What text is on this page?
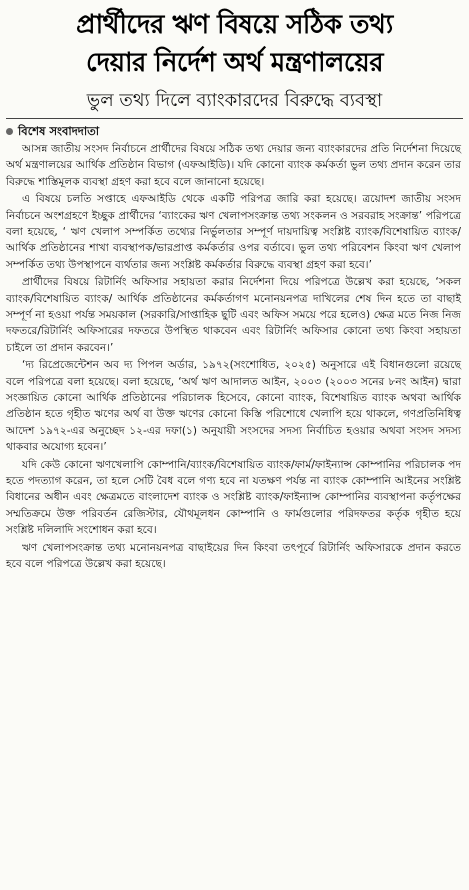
প্রার্থীদের ঋণ বিষয়ে সঠিক তথ্য
দেয়ার নির্দেশ অর্থ মন্ত্রণালয়ের
ভুল তথ্য দিলে ব্যাংকারদের বিরুদ্ধে ব্যবস্থা
বিশেষ সংবাদদাতা

আসন্ন জাতীয় সংসদ নির্বাচনে প্রার্থীদের বিষয়ে সঠিক তথ্য দেয়ার জন্য ব্যাংকারদের প্রতি নির্দেশনা দিয়েছে অর্থ মন্ত্রণালয়ের আর্থিক প্রতিষ্ঠান বিভাগ (এফআইডি)। যদি কোনো ব্যাংক কর্মকর্তা ভুল তথ্য প্রদান করেন তার বিরুদ্ধে শাস্তিমূলক ব্যবস্থা গ্রহণ করা হবে বলে জানানো হয়েছে।

এ বিষয়ে চলতি সপ্তাহে এফআইডি থেকে একটি পরিপত্র জারি করা হয়েছে। ত্রয়োদশ জাতীয় সংসদ নির্বাচনে অংশগ্রহণে ইচ্ছুক প্রার্থীদের ‘ব্যাংকের ঋণ খেলাপসংক্রান্ত তথ্য সংকলন ও সরবরাহ সংক্রান্ত’ পরিপত্রে বলা হয়েছে, ‘ ঋণ খেলাপ সম্পর্কিত তথ্যের নির্ভুলতার সম্পূর্ণ দায়দায়িত্ব সংশ্লিষ্ট ব্যাংক/বিশেষায়িত ব্যাংক/আর্থিক প্রতিষ্ঠানের শাখা ব্যবস্থাপক/ভারপ্রাপ্ত কর্মকর্তার ওপর বর্তাবে। ভুল তথ্য পরিবেশন কিংবা ঋণ খেলাপ সম্পর্কিত তথ্য উপস্থাপনে ব্যর্থতার জন্য সংশ্লিষ্ট কর্মকর্তার বিরুদ্ধে ব্যবস্থা গ্রহণ করা হবে।’

প্রার্থীদের বিষয়ে রিটার্নিং অফিসার সহায়তা করার নির্দেশনা দিয়ে পরিপত্রে উল্লেখ করা হয়েছে, ‘সকল ব্যাংক/বিশেষায়িত ব্যাংক/ আর্থিক প্রতিষ্ঠানের কর্মকর্তাগণ মনোনয়নপত্র দাখিলের শেষ দিন হতে তা বাছাই সম্পূর্ণ না হওয়া পর্যন্ত সময়কাল (সরকারি/সাপ্তাহিক ছুটি এবং অফিস সময়ে পরে হলেও) ক্ষেত্র মতে নিজ নিজ দফতরে/রিটার্নিং অফিসারের দফতরে উপস্থিত থাকবেন এবং রিটার্নিং অফিসার কোনো তথ্য কিংবা সহায়তা চাইলে তা প্রদান করবেন।’

‘দ্য রিপ্রেজেন্টেশন অব দ্য পিপল অর্ডার, ১৯৭২(সংশোধিত, ২০২৫) অনুসারে এই বিধানগুলো রয়েছে বলে পরিপত্রে বলা হয়েছে। বলা হয়েছে, ‘অর্থ ঋণ আদালত আইন, ২০০৩ (২০০৩ সনের ৮নং আইন) দ্বারা সংজ্ঞায়িত কোনো আর্থিক প্রতিষ্ঠানের পরিচালক হিসেবে, কোনো ব্যাংক, বিশেষায়িত ব্যাংক অথবা আর্থিক প্রতিষ্ঠান হতে গৃহীত ঋণের অর্থ বা উক্ত ঋণের কোনো কিস্তি পরিশোধে খেলাপি হয়ে থাকলে, গণপ্রতিনিধিত্ব আদেশ ১৯৭২-এর অনুচ্ছেদ ১২-এর দফা(১) অনুযায়ী সংসদের সদস্য নির্বাচিত হওয়ার অথবা সংসদ সদস্য থাকবার অযোগ্য হবেন।’

যদি কেউ কোনো ঋণখেলাপি কোম্পানি/ব্যাংক/বিশেষায়িত ব্যাংক/ফার্ম/ফাইন্যান্স কোম্পানির পরিচালক পদ হতে পদত্যাগ করেন, তা হলে সেটি বৈধ বলে গণ্য হবে না যতক্ষণ পর্যন্ত না ব্যাংক কোম্পানি আইনের সংশ্লিষ্ট বিধানের অধীন এবং ক্ষেত্রমতে বাংলাদেশ ব্যাংক ও সংশ্লিষ্ট ব্যাংক/ফাইন্যান্স কোম্পানির ব্যবস্থাপনা কর্তৃপক্ষের সম্মতিক্রমে উক্ত পরিবর্তন রেজিস্টার, যৌথমূলধন কোম্পানি ও ফার্মগুলোর পরিদফতর কর্তৃক গৃহীত হয়ে সংশ্লিষ্ট দলিলাদি সংশোধন করা হবে।

ঋণ খেলাপসংক্রান্ত তথ্য মনোনয়নপত্র বাছাইয়ের দিন কিংবা তৎপূর্বে রিটার্নিং অফিসারকে প্রদান করতে হবে বলে পরিপত্রে উল্লেখ করা হয়েছে।
